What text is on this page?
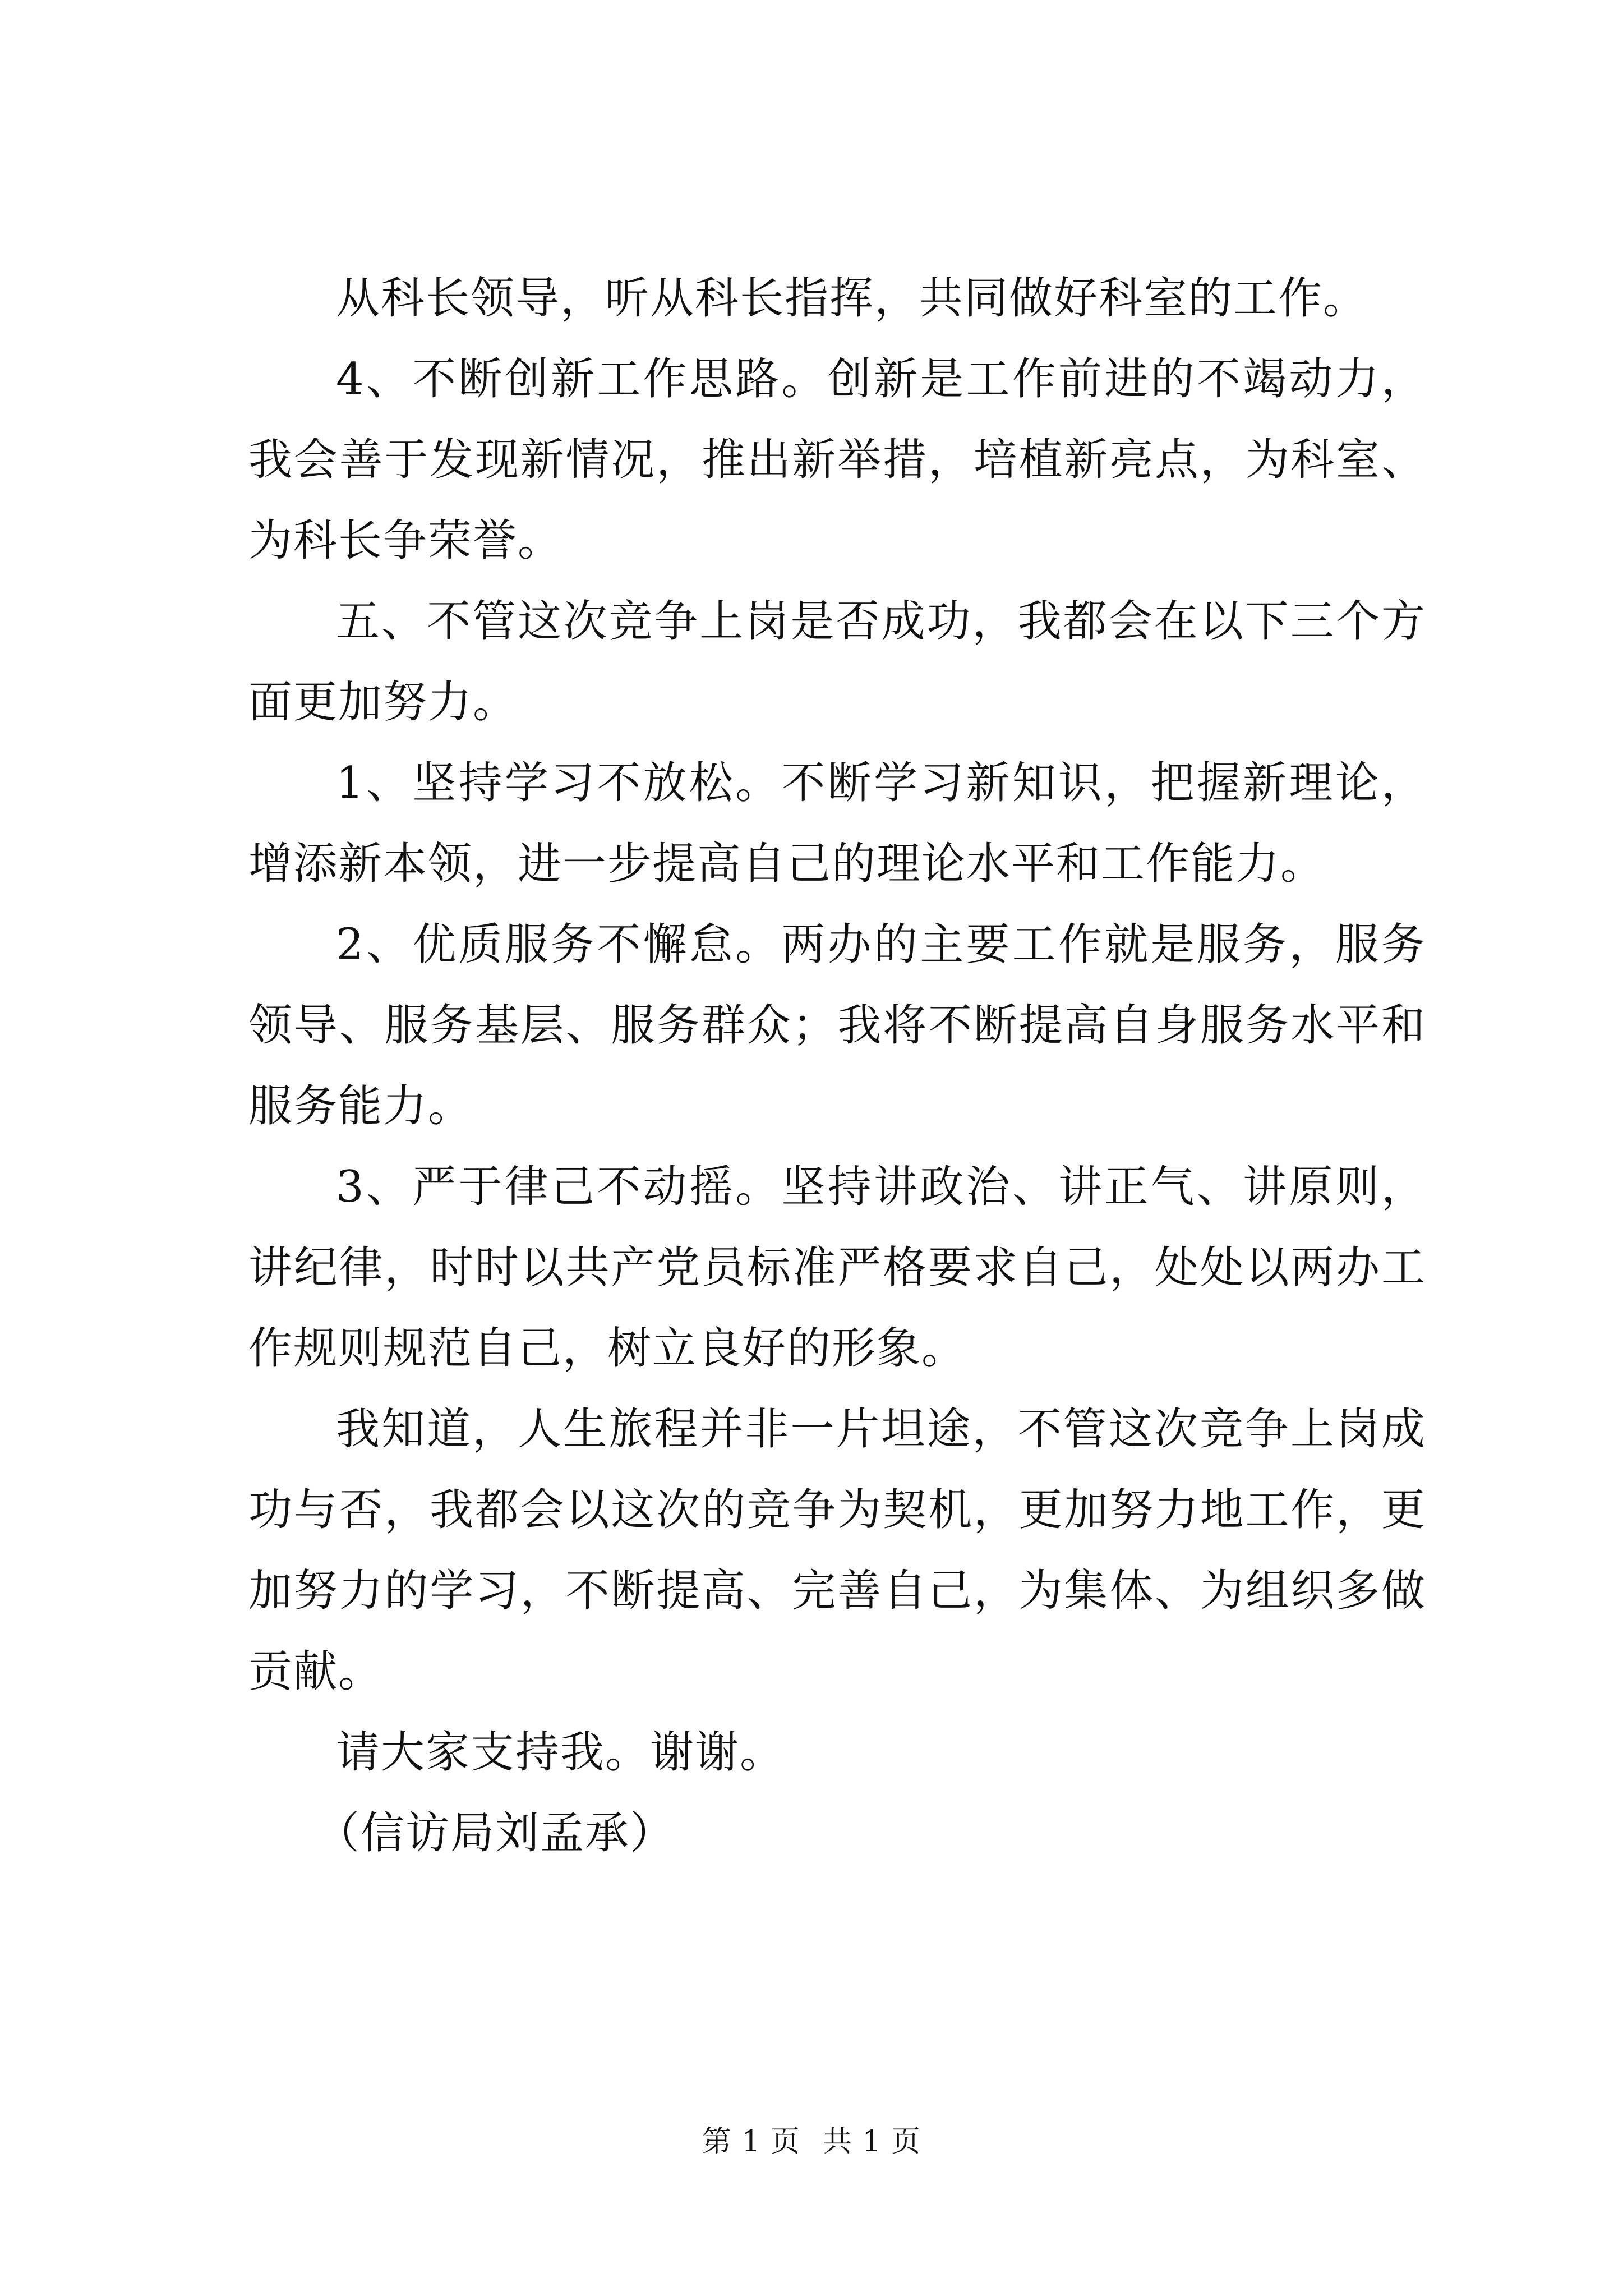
从科长领导，听从科长指挥，共同做好科室的工作。

4、不断创新工作思路。创新是工作前进的不竭动力，我会善于发现新情况，推出新举措，培植新亮点，为科室、为科长争荣誉。

五、不管这次竞争上岗是否成功，我都会在以下三个方面更加努力。

1、坚持学习不放松。不断学习新知识，把握新理论，增添新本领，进一步提高自己的理论水平和工作能力。

2、优质服务不懈怠。两办的主要工作就是服务，服务领导、服务基层、服务群众；我将不断提高自身服务水平和服务能力。

3、严于律己不动摇。坚持讲政治、讲正气、讲原则，讲纪律，时时以共产党员标准严格要求自己，处处以两办工作规则规范自己，树立良好的形象。

我知道，人生旅程并非一片坦途，不管这次竞争上岗成功与否，我都会以这次的竞争为契机，更加努力地工作，更加努力的学习，不断提高、完善自己，为集体、为组织多做贡献。

请大家支持我。谢谢。

（信访局刘孟承）

第 1 页 共 1 页
